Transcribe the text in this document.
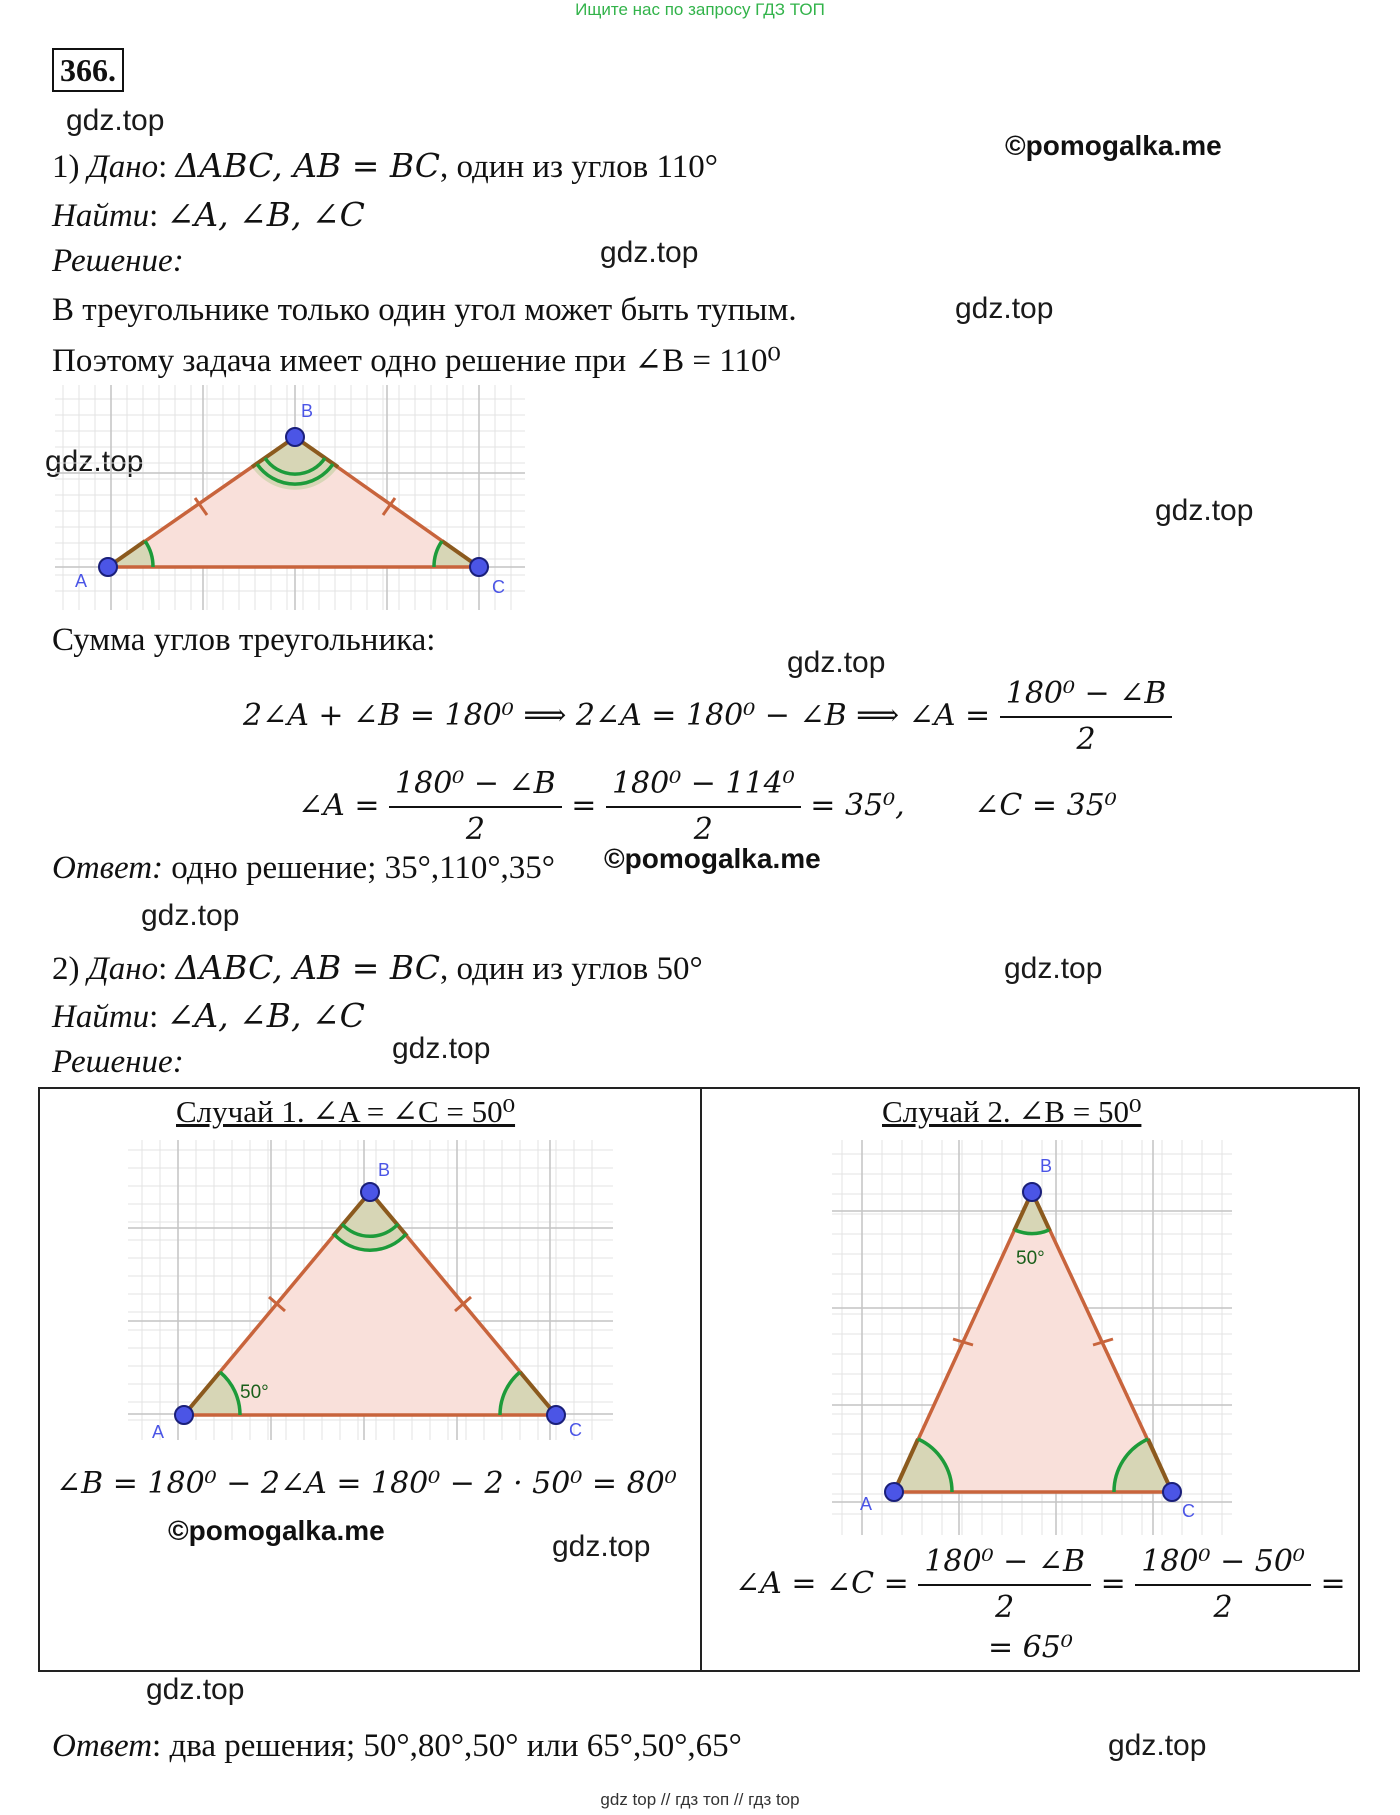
Ищите нас по запросу ГДЗ ТОП
gdz top // гдз топ // гдз top
366.
gdz.top
©pomogalka.me
gdz.top
gdz.top
gdz.top
gdz.top
gdz.top
©pomogalka.me
gdz.top
gdz.top
gdz.top
©pomogalka.me	gdz.top
gdz.top
gdz.top
1) Дано: ΔABC, AB = BC, один из углов 110°
Найти: ∠A, ∠B, ∠C
Решение:
В треугольнике только один угол может быть тупым.
Поэтому задача имеет одно решение при ∠B = 110⁰
A
B
C
Сумма углов треугольника:
2∠A + ∠B = 180⁰ ⟹ 2∠A = 180⁰ − ∠B ⟹ ∠A = $\frac{\text{180⁰ − ∠B}}{2}$
∠A = $\frac{\text{180⁰ − ∠B}}{2} = \frac{\text{180⁰ − 114⁰}}{2} = 35^0$, ∠C = 35⁰
Ответ: одно решение; 35°,110°,35°
2) Дано: ΔABC, AB = BC, один из углов 50°
Найти: ∠A, ∠B, ∠C
Решение:
Случай 1. ∠A = ∠C = 50⁰	Случай 2. ∠B = 50⁰
50°
A
B
C
∠B = 180⁰ − 2∠A = 180⁰ − 2 · 50⁰ = 80⁰
50°
A
B
C
∠A = ∠C = $\frac{\text{180⁰ − ∠B}}{2} = \frac{\text{180⁰ − 50⁰}}{2}$ =
= 65⁰
Ответ: два решения; 50°,80°,50° или 65°,50°,65°
